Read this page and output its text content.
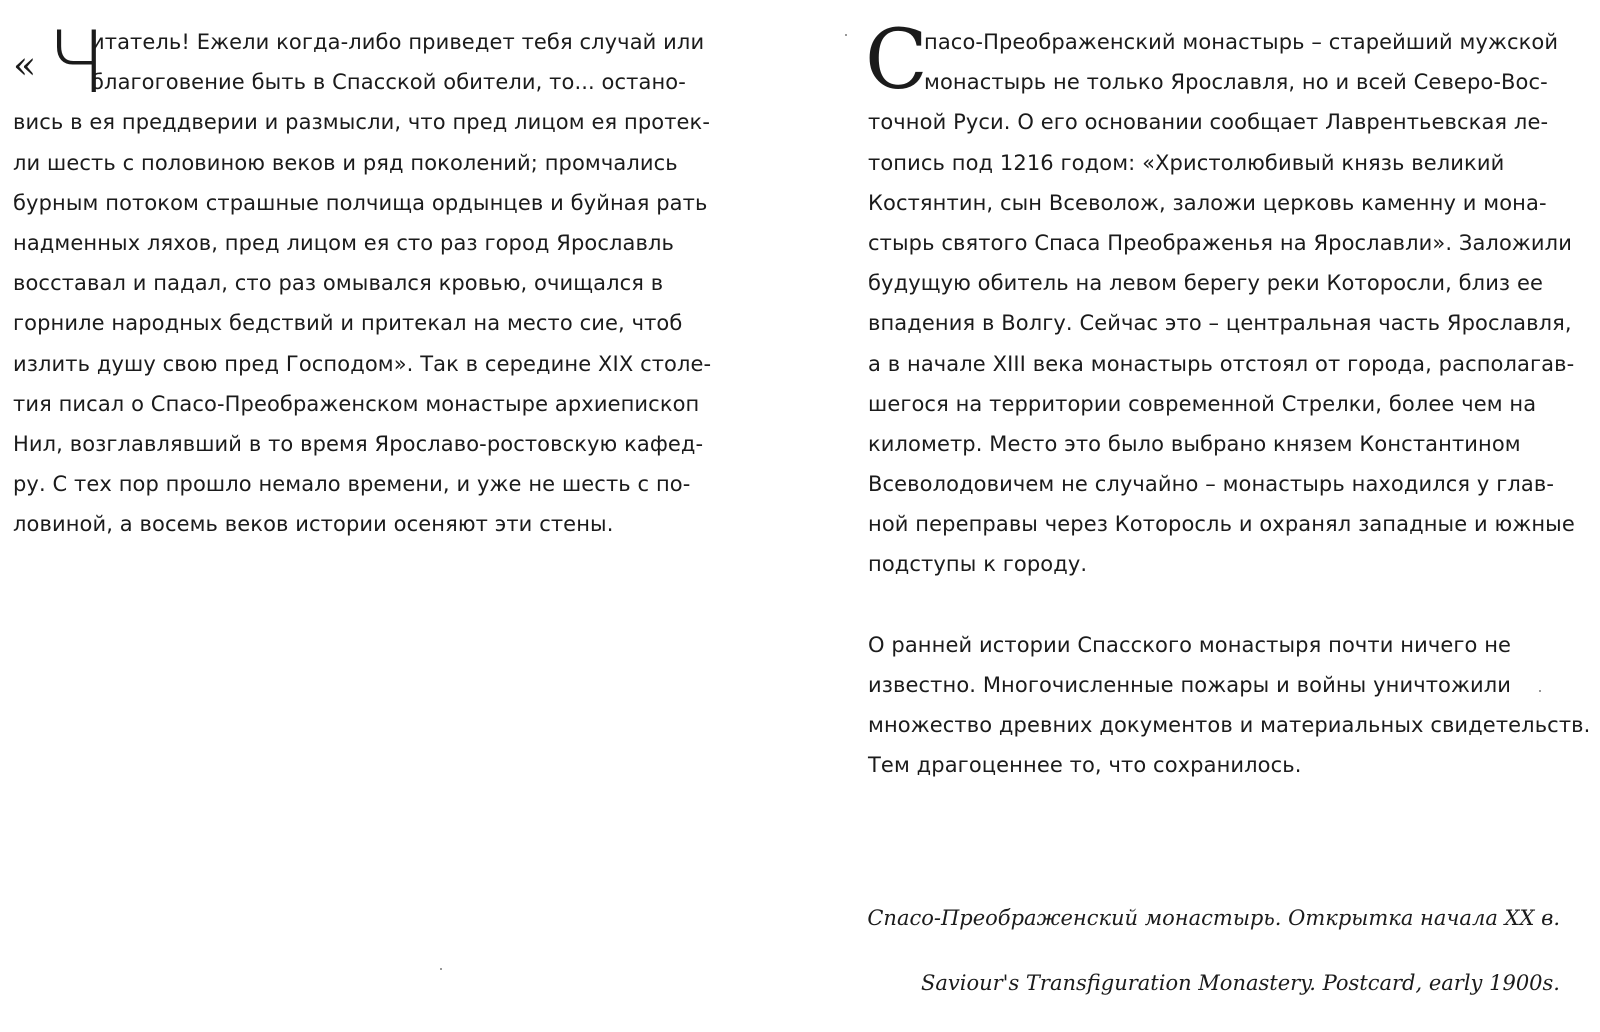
« Ч

итатель! Ежели когда-либо приведет тебя случай или
благоговение быть в Спасской обители, то... остано-
вись в ея преддверии и размысли, что пред лицом ея протек-
ли шесть с половиною веков и ряд поколений; промчались
бурным потоком страшные полчища ордынцев и буйная рать
надменных ляхов, пред лицом ея сто раз город Ярославль
восставал и падал, сто раз омывался кровью, очищался в
горниле народных бедствий и притекал на место сие, чтоб
излить душу свою пред Господом». Так в середине XIX столе-
тия писал о Спасо-Преображенском монастыре архиепископ
Нил, возглавлявший в то время Ярославо-ростовскую кафед-
ру. С тех пор прошло немало времени, и уже не шесть с по-
ловиной, а восемь веков истории осеняют эти стены.

С

пасо-Преображенский монастырь – старейший мужской
монастырь не только Ярославля, но и всей Северо-Вос-
точной Руси. О его основании сообщает Лаврентьевская ле-
топись под 1216 годом: «Христолюбивый князь великий
Костянтин, сын Всеволож, заложи церковь каменну и мона-
стырь святого Спаса Преображенья на Ярославли». Заложили
будущую обитель на левом берегу реки Которосли, близ ее
впадения в Волгу. Сейчас это – центральная часть Ярославля,
а в начале XIII века монастырь отстоял от города, располагав-
шегося на территории современной Стрелки, более чем на
километр. Место это было выбрано князем Константином
Всеволодовичем не случайно – монастырь находился у глав-
ной переправы через Которосль и охранял западные и южные
подступы к городу.

О ранней истории Спасского монастыря почти ничего не
известно. Многочисленные пожары и войны уничтожили
множество древних документов и материальных свидетельств.
Тем драгоценнее то, что сохранилось.

Спасо-Преображенский монастырь. Открытка начала XX в.
Saviour's Transfiguration Monastery. Postcard, early 1900s.
